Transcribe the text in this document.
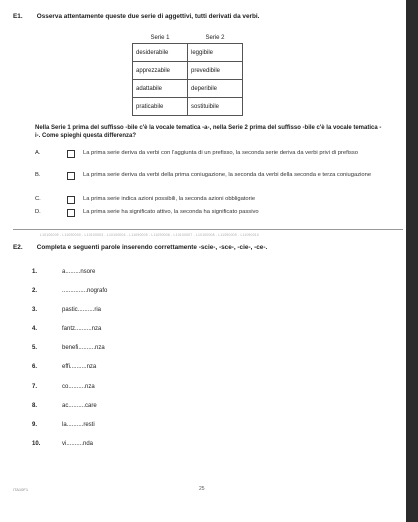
E1. Osserva attentamente queste due serie di aggettivi, tutti derivati da verbi.
Serie 1	Serie 2
desiderabile	leggibile
apprezzabile	prevedibile
adattabile	deperibile
praticabile	sostituibile
Nella Serie 1 prima del suffisso -bile c'è la vocale tematica -a-, nella Serie 2 prima del suffisso -bile c'è la vocale tematica -i-. Come spieghi questa differenza?
A.	La prima serie deriva da verbi con l'aggiunta di un prefisso, la seconda serie deriva da verbi privi di prefisso
B.	La prima serie deriva da verbi della prima coniugazione, la seconda da verbi della seconda e terza coniugazione
C.	La prima serie indica azioni possibili, la seconda azioni obbligatorie
D.	La prima serie ha significato attivo, la seconda ha significato passivo
L10100009 - L11090000 - L10100003 - L10100004 - L11090005 - L11090006 - L10100007 - L10100008 - L11090009 - L11090010
E2. Completa e seguenti parole inserendo correttamente -scie-, -sce-, -cie-, -ce-.
1.	a.........nsore
2.	...............nografo
3.	pastic..........ria
4.	fantz..........nza
5.	benefi..........nza
6.	effi..........nza
7.	co..........nza
8.	ac..........care
9.	la..........resti
10.	vi..........nda
ITA10F1	25
